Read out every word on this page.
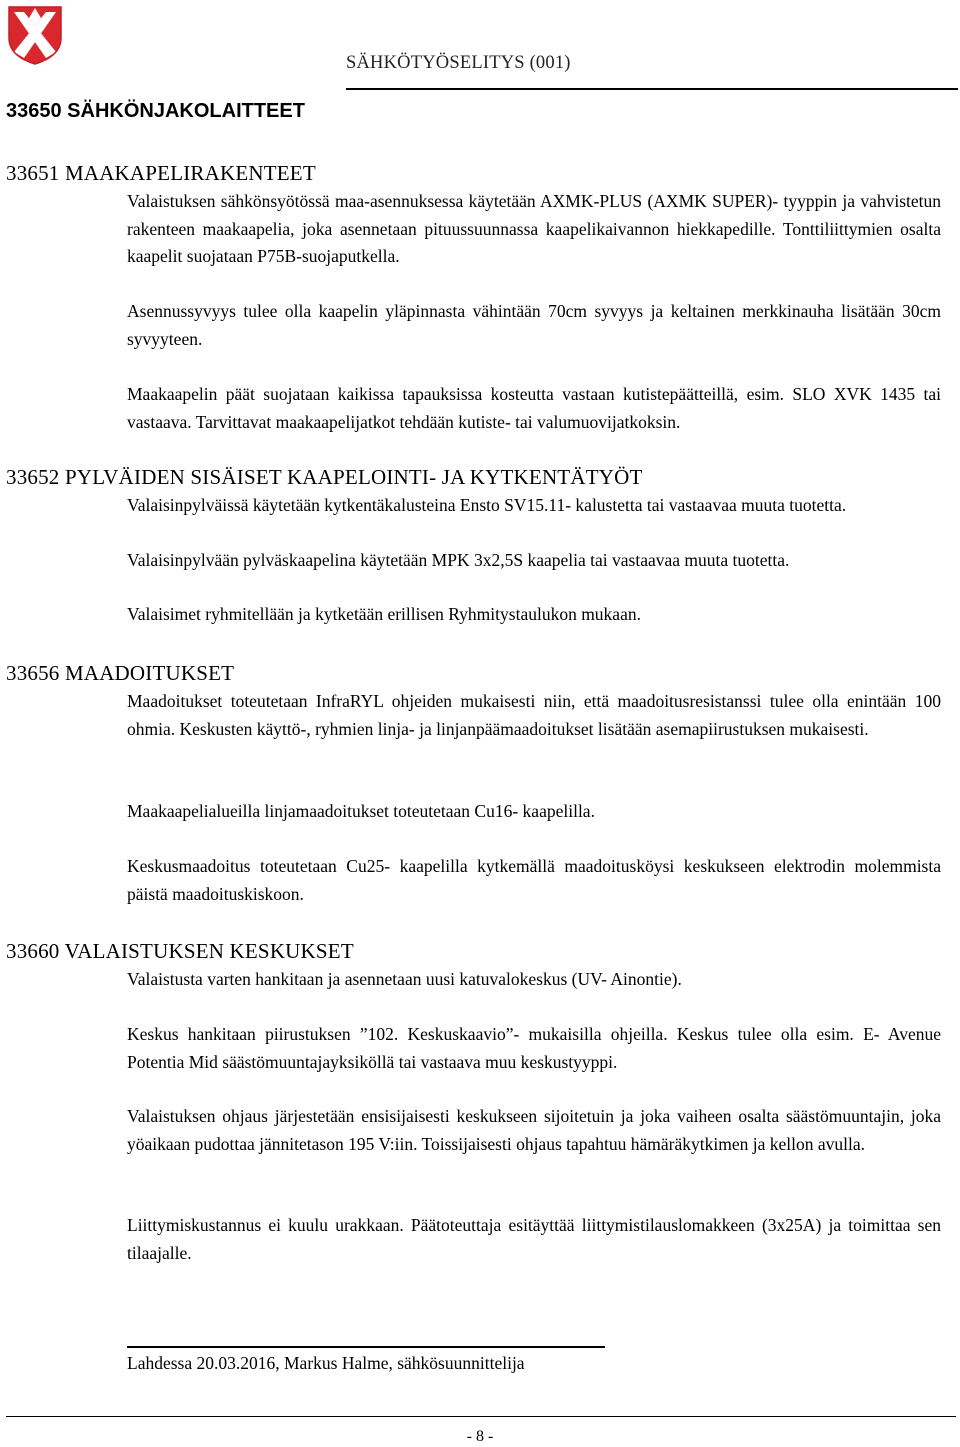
SÄHKÖTYÖSELITYS (001)
33650 SÄHKÖNJAKOLAITTEET
33651 MAAKAPELIRAKENTEET

Valaistuksen sähkönsyötössä maa-asennuksessa käytetään AXMK-PLUS (AXMK SUPER)- tyyppin ja vahvistetun rakenteen maakaapelia, joka asennetaan pituussuunnassa kaapelikaivannon hiekkapedille. Tonttiliittymien osalta kaapelit suojataan P75B-suojaputkella.

Asennussyvyys tulee olla kaapelin yläpinnasta vähintään 70cm syvyys ja keltainen merkkinauha lisätään 30cm syvyyteen.

Maakaapelin päät suojataan kaikissa tapauksissa kosteutta vastaan kutistepäätteillä, esim. SLO XVK 1435 tai vastaava. Tarvittavat maakaapelijatkot tehdään kutiste- tai valumuovijatkoksin.

33652 PYLVÄIDEN SISÄISET KAAPELOINTI- JA KYTKENTÄTYÖT

Valaisinpylväissä käytetään kytkentäkalusteina Ensto SV15.11- kalustetta tai vastaavaa muuta tuotetta.

Valaisinpylvään pylväskaapelina käytetään MPK 3x2,5S kaapelia tai vastaavaa muuta tuotetta.

Valaisimet ryhmitellään ja kytketään erillisen Ryhmitystaulukon mukaan.

33656 MAADOITUKSET

Maadoitukset toteutetaan InfraRYL ohjeiden mukaisesti niin, että maadoitusresistanssi tulee olla enintään 100 ohmia. Keskusten käyttö-, ryhmien linja- ja linjanpäämaadoitukset lisätään asemapiirustuksen mukaisesti.

Maakaapelialueilla linjamaadoitukset toteutetaan Cu16- kaapelilla.

Keskusmaadoitus toteutetaan Cu25- kaapelilla kytkemällä maadoitusköysi keskukseen elektrodin molemmista päistä maadoituskiskoon.

33660 VALAISTUKSEN KESKUKSET

Valaistusta varten hankitaan ja asennetaan uusi katuvalokeskus (UV- Ainontie).

Keskus hankitaan piirustuksen ”102. Keskuskaavio”- mukaisilla ohjeilla. Keskus tulee olla esim. E- Avenue Potentia Mid säästömuuntajayksiköllä tai vastaava muu keskustyyppi.

Valaistuksen ohjaus järjestetään ensisijaisesti keskukseen sijoitetuin ja joka vaiheen osalta säästömuuntajin, joka yöaikaan pudottaa jännitetason 195 V:iin. Toissijaisesti ohjaus tapahtuu hämäräkytkimen ja kellon avulla.

Liittymiskustannus ei kuulu urakkaan. Päätoteuttaja esitäyttää liittymistilauslomakkeen (3x25A) ja toimittaa sen tilaajalle.

Lahdessa 20.03.2016, Markus Halme, sähkösuunnittelija
- 8 -
